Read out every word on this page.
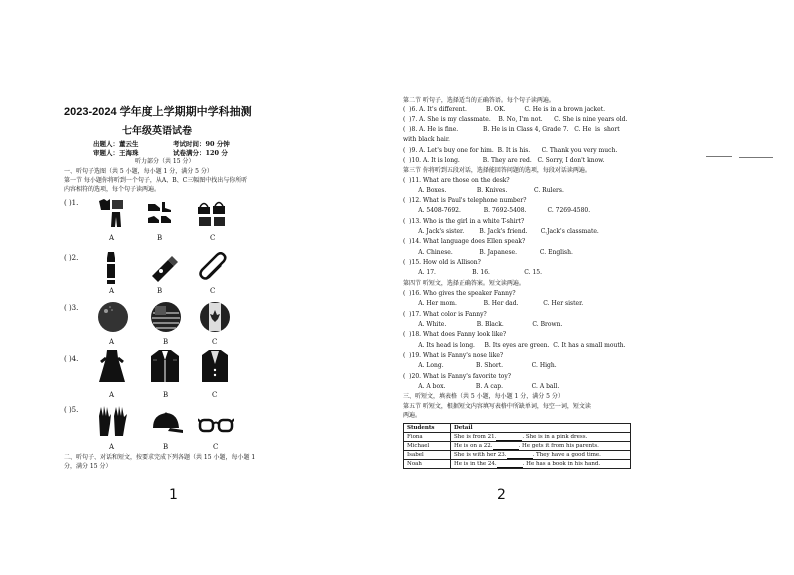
2023-2024 学年度上学期期中学科抽测
七年级英语试卷
出题人：董云生	考试时间：90 分钟
审题人：王海珠	试卷满分：120 分
听力部分（共 15 分）
一、听句子选图（共 5 小题，每小题 1 分，满分 5 分）
第一节 每小题你将听到一个句子，从A、B、C三幅图中找出与你所听
内容相符的选项，每个句子读两遍。
( )1.
A	B	C
( )2.
A	B	C
( )3.
A	B	C
( )4.
A	B	C
( )5.
A	B	C
二、听句子、对话和短文，按要求完成下列各题（共 15 小题，每小题 1
分，满分 15 分）
1
第二节 听句子，选择适当的正确答语。每个句子读两遍。
(  )6. A. It's different.          B. OK.          C. He is in a brown jacket.
(  )7. A. She is my classmate.    B. No, I'm not.      C. She is nine years old.
(  )8. A. He is fine.             B. He is in Class 4, Grade 7.   C. He  is  short
with black hair.
(  )9. A. Let's buy one for him.  B. It is his.      C. Thank you very much.
(  )10. A. It is long.            B. They are red.   C. Sorry, I don't know.
第三节 你将听到五段对话，选择能回答问题的选项，每段对话读两遍。
(  )11. What are those on the desk?
A. Boxes.                B. Knives.              C. Rulers.
(  )12. What is Paul's telephone number?
A. 5408-7692.            B. 7692-5408.           C. 7269-4580.
(  )13. Who is the girl in a white T-shirt?
A. Jack's sister.        B. Jack's friend.       C.Jack's classmate.
(  )14. What language does Ellen speak?
A. Chinese.              B. Japanese.            C. English.
(  )15. How old is Allison?
A. 17.                   B. 16.                  C. 15.
第四节 听短文，选择正确答案。短文读两遍。
(  )16. Who gives the speaker Fanny?
A. Her mom.              B. Her dad.             C. Her sister.
(  )17. What color is Fanny?
A. White.                B. Black.               C. Brown.
(  )18. What does Fanny look like?
A. Its head is long.     B. Its eyes are green.  C. It has a small mouth.
(  )19. What is Fanny's nose like?
A. Long.                 B. Short.               C. High.
(  )20. What is Fanny's favorite toy?
A. A box.                B. A cap.               C. A ball.
三、听短文，填表格（共 5 小题，每小题 1 分，满分 5 分）
第五节 听短文，根据短文内容填写表格中所缺单词，每空一词，短文读
两遍。
Students	Detail
Fiona	She is from 21. . She is in a pink dress.
Michael	He is on a 22. . He gets it from his parents.
Isabel	She is with her 23. . They have a good time.
Noah	He is in the 24. . He has a book in his hand.
2
